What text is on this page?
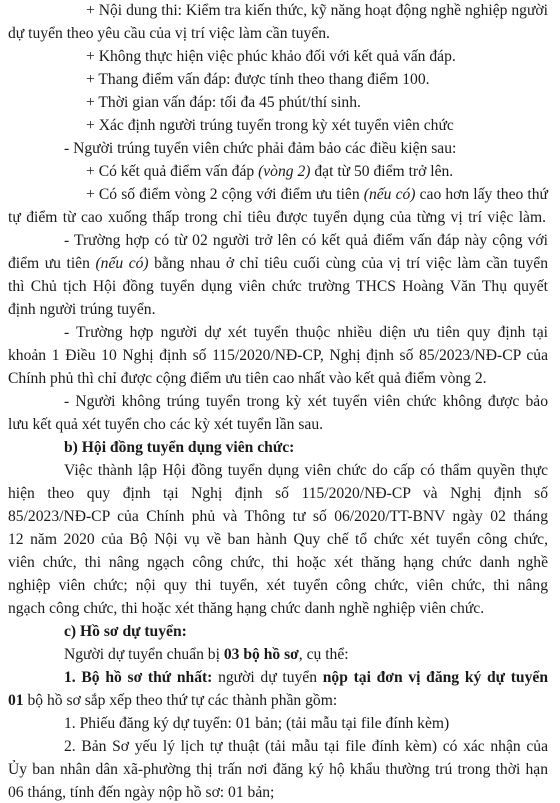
+ Nội dung thi: Kiểm tra kiến thức, kỹ năng hoạt động nghề nghiệp người
dự tuyển theo yêu cầu của vị trí việc làm cần tuyển.
+ Không thực hiện việc phúc khảo đối với kết quả vấn đáp.
+ Thang điểm vấn đáp: được tính theo thang điểm 100.
+ Thời gian vấn đáp: tối đa 45 phút/thí sinh.
+ Xác định người trúng tuyển trong kỳ xét tuyển viên chức
- Người trúng tuyển viên chức phải đảm bảo các điều kiện sau:
+ Có kết quả điểm vấn đáp (vòng 2) đạt từ 50 điểm trở lên.
+ Có số điểm vòng 2 cộng với điểm ưu tiên (nếu có) cao hơn lấy theo thứ
tự điểm từ cao xuống thấp trong chỉ tiêu được tuyển dụng của từng vị trí việc làm.
- Trường hợp có từ 02 người trở lên có kết quả điểm vấn đáp này cộng với
điểm ưu tiên (nếu có) bằng nhau ở chỉ tiêu cuối cùng của vị trí việc làm cần tuyển
thì Chủ tịch Hội đồng tuyển dụng viên chức trường THCS Hoàng Văn Thụ quyết
định người trúng tuyển.
- Trường hợp người dự xét tuyển thuộc nhiều diện ưu tiên quy định tại
khoản 1 Điều 10 Nghị định số 115/2020/NĐ-CP, Nghị định số 85/2023/NĐ-CP của
Chính phủ thì chỉ được cộng điểm ưu tiên cao nhất vào kết quả điểm vòng 2.
- Người không trúng tuyển trong kỳ xét tuyển viên chức không được bảo
lưu kết quả xét tuyển cho các kỳ xét tuyển lần sau.
b) Hội đồng tuyển dụng viên chức:
Việc thành lập Hội đồng tuyển dụng viên chức do cấp có thẩm quyền thực
hiện theo quy định tại Nghị định số 115/2020/NĐ-CP và Nghị định số
85/2023/NĐ-CP của Chính phủ và Thông tư số 06/2020/TT-BNV ngày 02 tháng
12 năm 2020 của Bộ Nội vụ về ban hành Quy chế tổ chức xét tuyển công chức,
viên chức, thi nâng ngạch công chức, thi hoặc xét thăng hạng chức danh nghề
nghiệp viên chức; nội quy thi tuyển, xét tuyển công chức, viên chức, thi nâng
ngạch công chức, thi hoặc xét thăng hạng chức danh nghề nghiệp viên chức.
c) Hồ sơ dự tuyển:
Người dự tuyển chuẩn bị 03 bộ hồ sơ, cụ thể:
1. Bộ hồ sơ thứ nhất: người dự tuyển nộp tại đơn vị đăng ký dự tuyển
01 bộ hồ sơ sắp xếp theo thứ tự các thành phần gồm:
1. Phiếu đăng ký dự tuyển: 01 bản; (tải mẫu tại file đính kèm)
2. Bản Sơ yếu lý lịch tự thuật (tải mẫu tại file đính kèm) có xác nhận của
Ủy ban nhân dân xã-phường thị trấn nơi đăng ký hộ khẩu thường trú trong thời hạn
06 tháng, tính đến ngày nộp hồ sơ: 01 bản;
